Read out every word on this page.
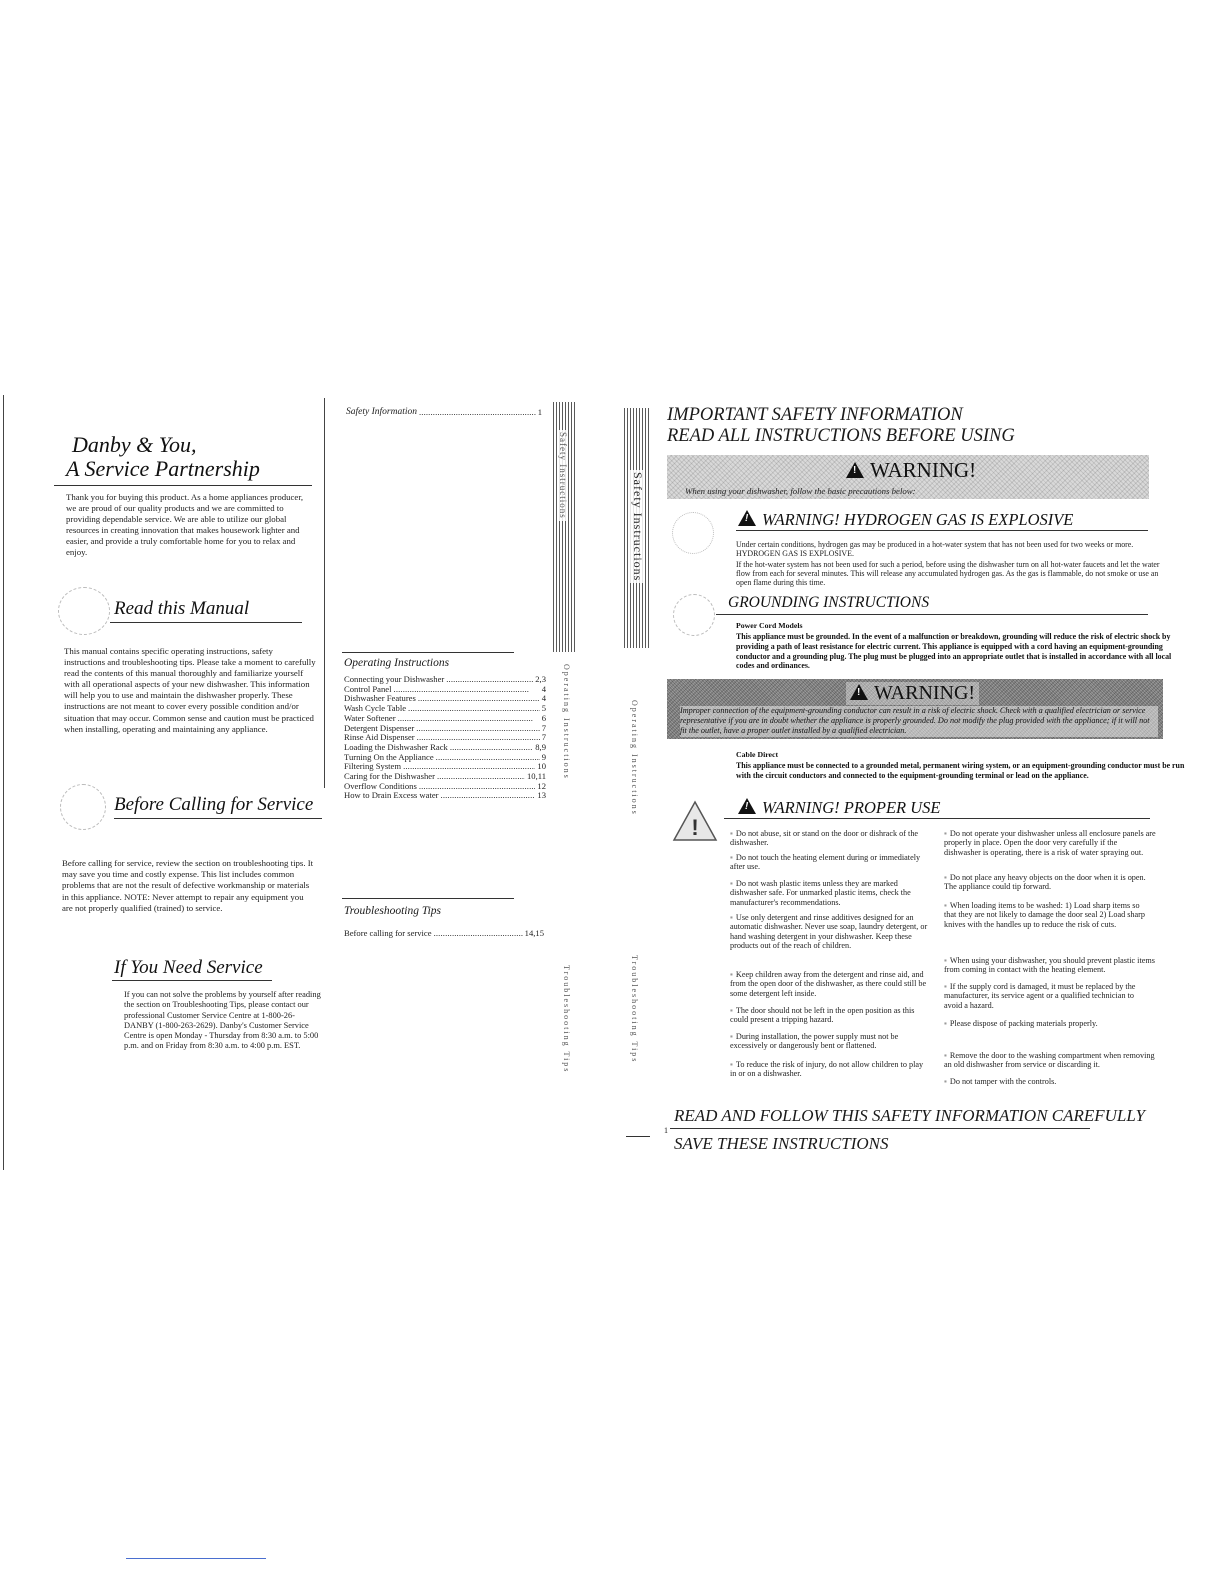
Danby & You,
A Service Partnership
Thank you for buying this product. As a home appliances producer, we are proud of our quality products and we are committed to providing dependable service. We are able to utilize our global resources in creating innovation that makes housework lighter and easier, and provide a truly comfortable home for you to relax and enjoy.
Read this Manual
This manual contains specific operating instructions, safety instructions and troubleshooting tips. Please take a moment to carefully read the contents of this manual thoroughly and familiarize yourself with all operational aspects of your new dishwasher. This information will help you to use and maintain the dishwasher properly. These instructions are not meant to cover every possible condition and/or situation that may occur. Common sense and caution must be practiced when installing, operating and maintaining any appliance.
Before Calling for Service
Before calling for service, review the section on troubleshooting tips. It may save you time and costly expense. This list includes common problems that are not the result of defective workmanship or materials in this appliance. NOTE: Never attempt to repair any equipment you are not properly qualified (trained) to service.
If You Need Service
If you can not solve the problems by yourself after reading the section on Troubleshooting Tips, please contact our professional Customer Service Centre at 1-800-26-DANBY (1-800-263-2629). Danby's Customer Service Centre is open Monday - Thursday from 8:30 a.m. to 5:00 p.m. and on Friday from 8:30 a.m. to 4:00 p.m. EST.
Safety Information . . .	1
Operating Instructions
Connecting your Dishwasher . . .	2,3
Control Panel . . .	4
Dishwasher Features . . .	4
Wash Cycle Table . . .	5
Water Softener . . .	6
Detergent Dispenser . . .	7
Rinse Aid Dispenser . . .	7
Loading the Dishwasher Rack . . .	8,9
Turning On the Appliance . . .	9
Filtering System . . .	10
Caring for the Dishwasher . . .	10,11
Overflow Conditions . . .	12
How to Drain Excess water . . .	13
Troubleshooting Tips
Before calling for service . . .	14,15
Safety Instructions
Operating Instructions
Troubleshooting Tips
Safety Instructions
Operating Instructions
Troubleshooting Tips
IMPORTANT SAFETY INFORMATION
READ ALL INSTRUCTIONS BEFORE USING
!WARNING!
When using your dishwasher, follow the basic precautions below:
!WARNING! HYDROGEN GAS IS EXPLOSIVE
Under certain conditions, hydrogen gas may be produced in a hot-water system that has not been used for two weeks or more. HYDROGEN GAS IS EXPLOSIVE.
If the hot-water system has not been used for such a period, before using the dishwasher turn on all hot-water faucets and let the water flow from each for several minutes. This will release any accumulated hydrogen gas. As the gas is flammable, do not smoke or use an open flame during this time.
GROUNDING INSTRUCTIONS
Power Cord Models
This appliance must be grounded. In the event of a malfunction or breakdown, grounding will reduce the risk of electric shock by providing a path of least resistance for electric current. This appliance is equipped with a cord having an equipment-grounding conductor and a grounding plug. The plug must be plugged into an appropriate outlet that is installed in accordance with all local codes and ordinances.
!WARNING!
Improper connection of the equipment-grounding conductor can result in a risk of electric shock. Check with a qualified electrician or service representative if you are in doubt whether the appliance is properly grounded. Do not modify the plug provided with the appliance; if it will not fit the outlet, have a proper outlet installed by a qualified electrician.
Cable Direct
This appliance must be connected to a grounded metal, permanent wiring system, or an equipment-grounding conductor must be run with the circuit conductors and connected to the equipment-grounding terminal or lead on the appliance.
!
!WARNING! PROPER USE
▪ Do not abuse, sit or stand on the door or dishrack of the dishwasher.
▪ Do not touch the heating element during or immediately after use.
▪ Do not wash plastic items unless they are marked dishwasher safe. For unmarked plastic items, check the manufacturer's recommendations.
▪ Use only detergent and rinse additives designed for an automatic dishwasher. Never use soap, laundry detergent, or hand washing detergent in your dishwasher. Keep these products out of the reach of children.
▪ Keep children away from the detergent and rinse aid, and from the open door of the dishwasher, as there could still be some detergent left inside.
▪ The door should not be left in the open position as this could present a tripping hazard.
▪ During installation, the power supply must not be excessively or dangerously bent or flattened.
▪ To reduce the risk of injury, do not allow children to play in or on a dishwasher.
▪ Do not operate your dishwasher unless all enclosure panels are properly in place. Open the door very carefully if the dishwasher is operating, there is a risk of water spraying out.
▪ Do not place any heavy objects on the door when it is open. The appliance could tip forward.
▪ When loading items to be washed: 1) Load sharp items so that they are not likely to damage the door seal 2) Load sharp knives with the handles up to reduce the risk of cuts.
▪ When using your dishwasher, you should prevent plastic items from coming in contact with the heating element.
▪ If the supply cord is damaged, it must be replaced by the manufacturer, its service agent or a qualified technician to avoid a hazard.
▪ Please dispose of packing materials properly.
▪ Remove the door to the washing compartment when removing an old dishwasher from service or discarding it.
▪ Do not tamper with the controls.
READ AND FOLLOW THIS SAFETY INFORMATION CAREFULLY
1
SAVE THESE INSTRUCTIONS
